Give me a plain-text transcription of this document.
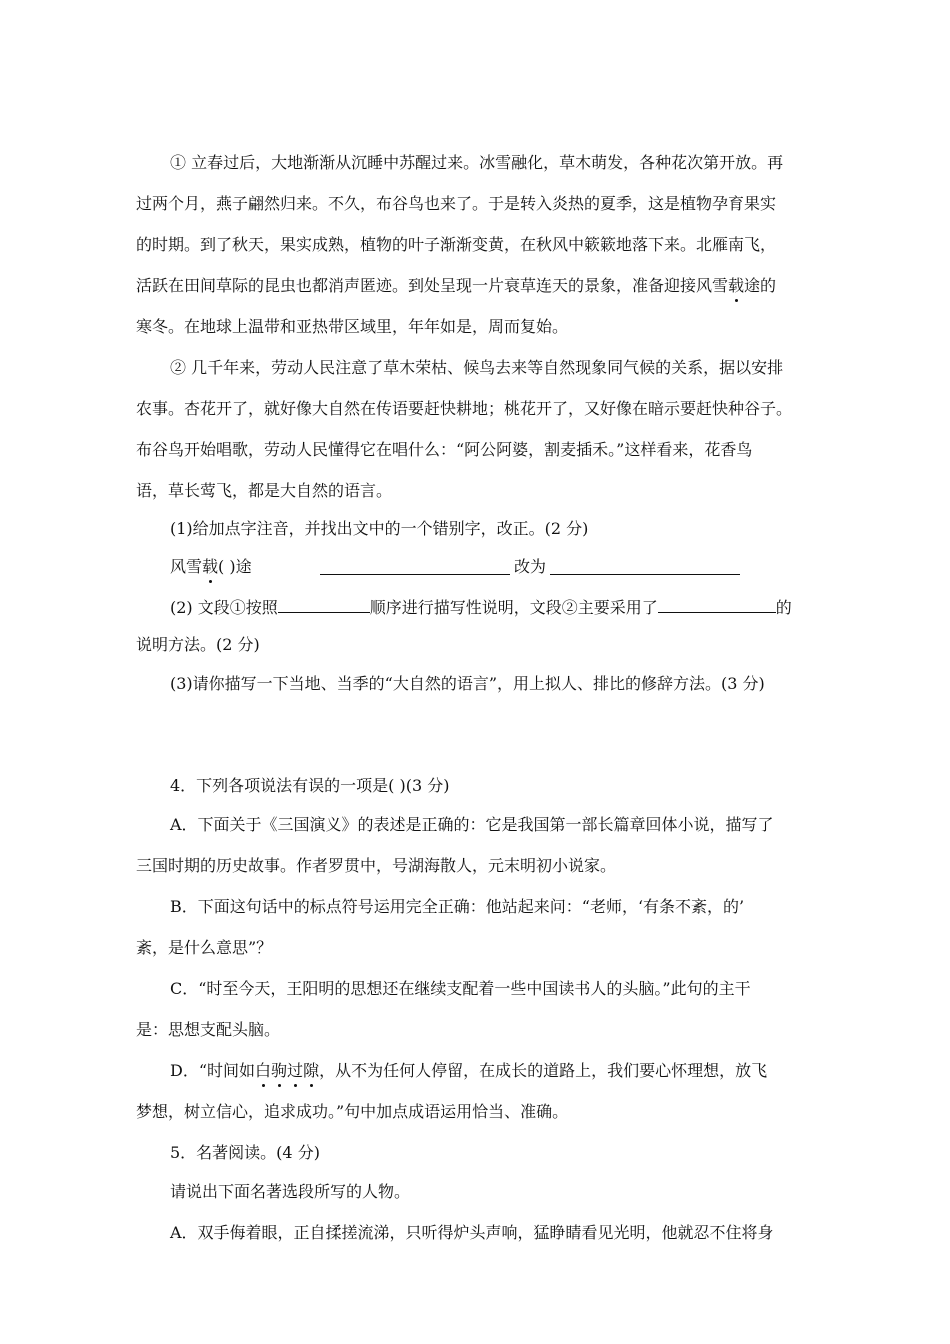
① 立春过后，大地渐渐从沉睡中苏醒过来。冰雪融化，草木萌发，各种花次第开放。再
过两个月，燕子翩然归来。不久，布谷鸟也来了。于是转入炎热的夏季，这是植物孕育果实
的时期。到了秋天，果实成熟，植物的叶子渐渐变黄，在秋风中簌簌地落下来。北雁南飞，
活跃在田间草际的昆虫也都消声匿迹。到处呈现一片衰草连天的景象，准备迎接风雪载途的
寒冬。在地球上温带和亚热带区域里，年年如是，周而复始。
② 几千年来，劳动人民注意了草木荣枯、候鸟去来等自然现象同气候的关系，据以安排
农事。杏花开了，就好像大自然在传语要赶快耕地；桃花开了，又好像在暗示要赶快种谷子。
布谷鸟开始唱歌，劳动人民懂得它在唱什么：“阿公阿婆，割麦插禾。”这样看来，花香鸟
语，草长莺飞，都是大自然的语言。
(1)给加点字注音，并找出文中的一个错别字，改正。(2 分)
风雪载( )途	改为
(2) 文段①按照	顺序进行描写性说明，文段②主要采用了	的
说明方法。(2 分)
(3)请你描写一下当地、当季的“大自然的语言”，用上拟人、排比的修辞方法。(3 分)
4．下列各项说法有误的一项是( )(3 分)
A．下面关于《三国演义》的表述是正确的：它是我国第一部长篇章回体小说，描写了
三国时期的历史故事。作者罗贯中，号湖海散人，元末明初小说家。
B．下面这句话中的标点符号运用完全正确：他站起来问：“老师，‘有条不紊，的’
紊，是什么意思”？
C．“时至今天，王阳明的思想还在继续支配着一些中国读书人的头脑。”此句的主干
是：思想支配头脑。
D．“时间如白驹过隙，从不为任何人停留，在成长的道路上，我们要心怀理想，放飞
梦想，树立信心，追求成功。”句中加点成语运用恰当、准确。
5．名著阅读。(4 分)
请说出下面名著选段所写的人物。
A．双手侮着眼，正自揉搓流涕，只听得炉头声响，猛睁睛看见光明，他就忍不住将身
